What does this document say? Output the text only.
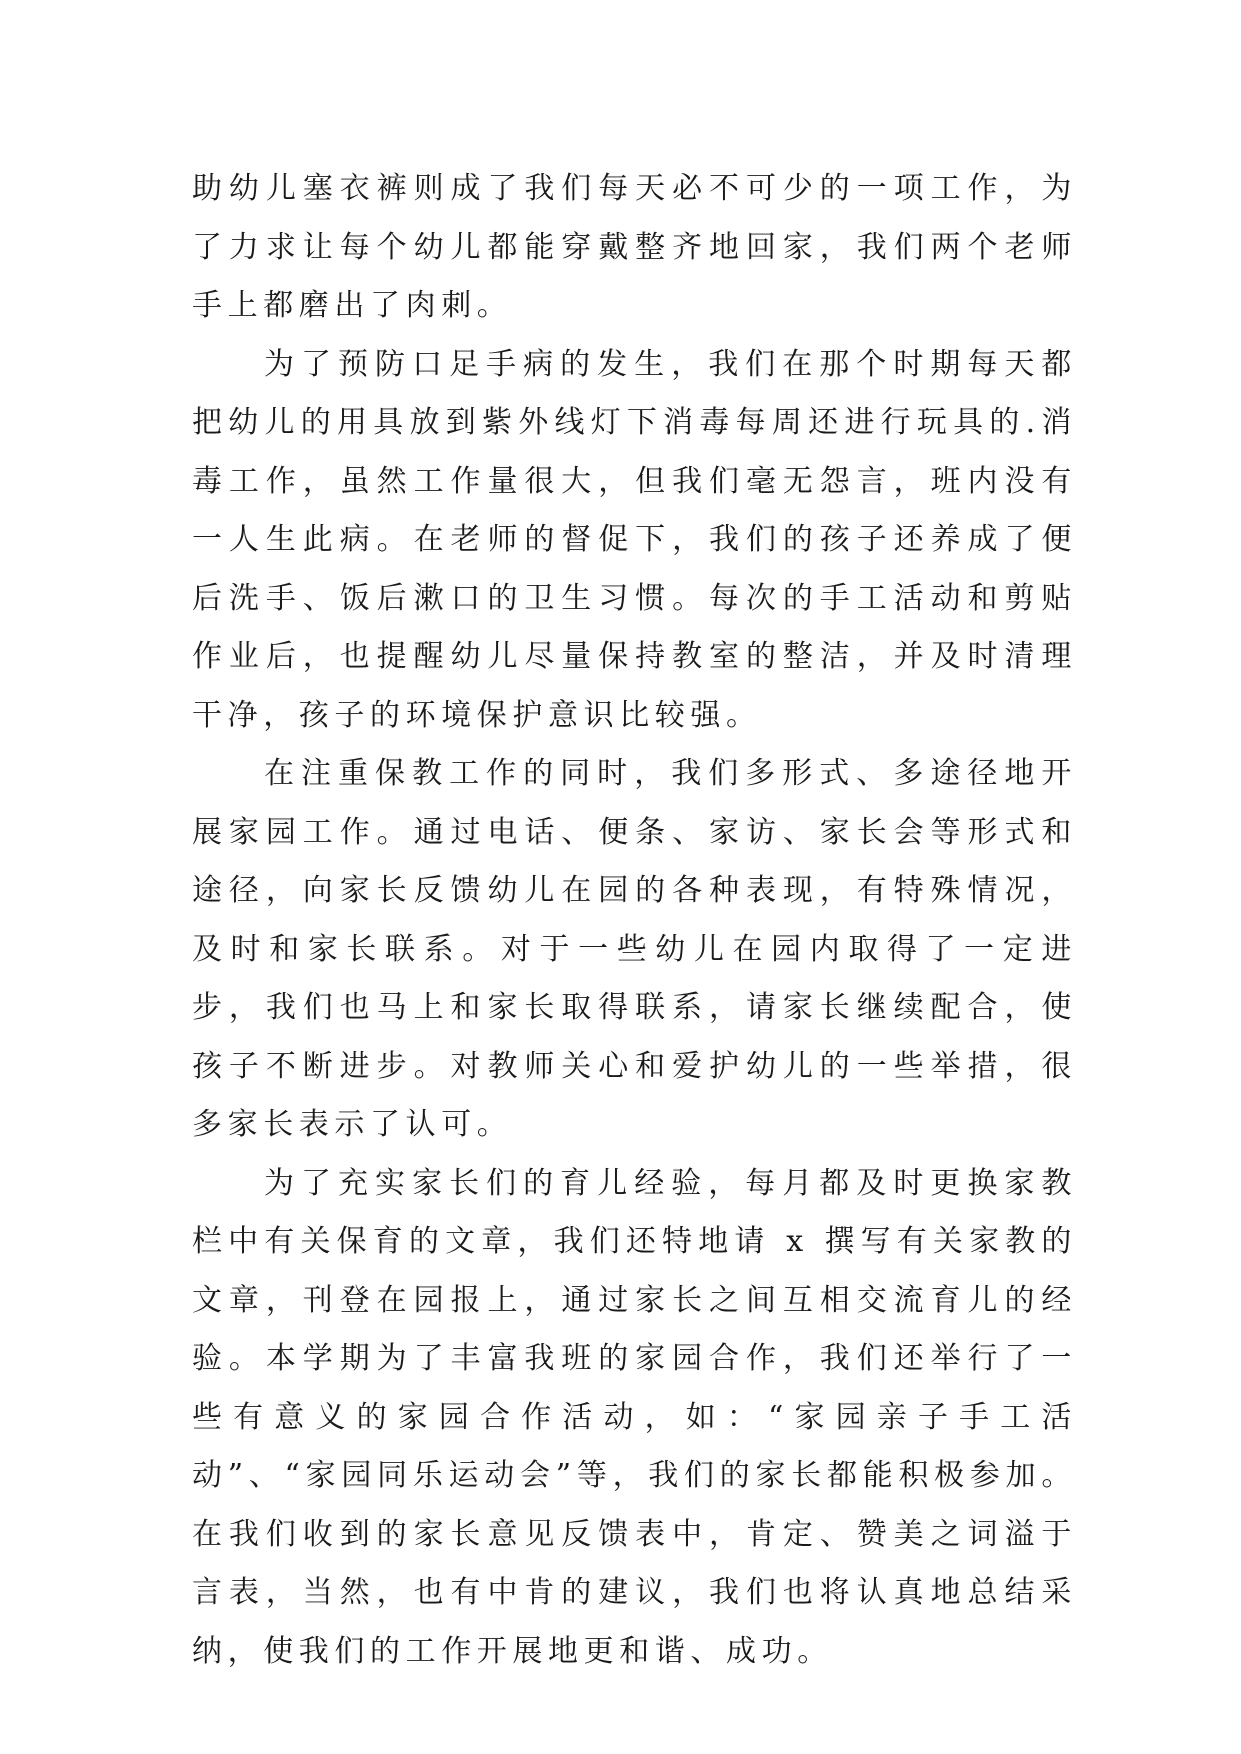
助幼儿塞衣裤则成了我们每天必不可少的一项工作，为了力求让每个幼儿都能穿戴整齐地回家，我们两个老师手上都磨出了肉刺。

为了预防口足手病的发生，我们在那个时期每天都把幼儿的用具放到紫外线灯下消毒每周还进行玩具的.消毒工作，虽然工作量很大，但我们毫无怨言，班内没有一人生此病。在老师的督促下，我们的孩子还养成了便后洗手、饭后漱口的卫生习惯。每次的手工活动和剪贴作业后，也提醒幼儿尽量保持教室的整洁，并及时清理干净，孩子的环境保护意识比较强。

在注重保教工作的同时，我们多形式、多途径地开展家园工作。通过电话、便条、家访、家长会等形式和途径，向家长反馈幼儿在园的各种表现，有特殊情况，及时和家长联系。对于一些幼儿在园内取得了一定进步，我们也马上和家长取得联系，请家长继续配合，使孩子不断进步。对教师关心和爱护幼儿的一些举措，很多家长表示了认可。

为了充实家长们的育儿经验，每月都及时更换家教栏中有关保育的文章，我们还特地请 x 撰写有关家教的文章，刊登在园报上，通过家长之间互相交流育儿的经验。本学期为了丰富我班的家园合作，我们还举行了一些有意义的家园合作活动，如：“家园亲子手工活动”、“家园同乐运动会”等，我们的家长都能积极参加。在我们收到的家长意见反馈表中，肯定、赞美之词溢于言表，当然，也有中肯的建议，我们也将认真地总结采纳，使我们的工作开展地更和谐、成功。
